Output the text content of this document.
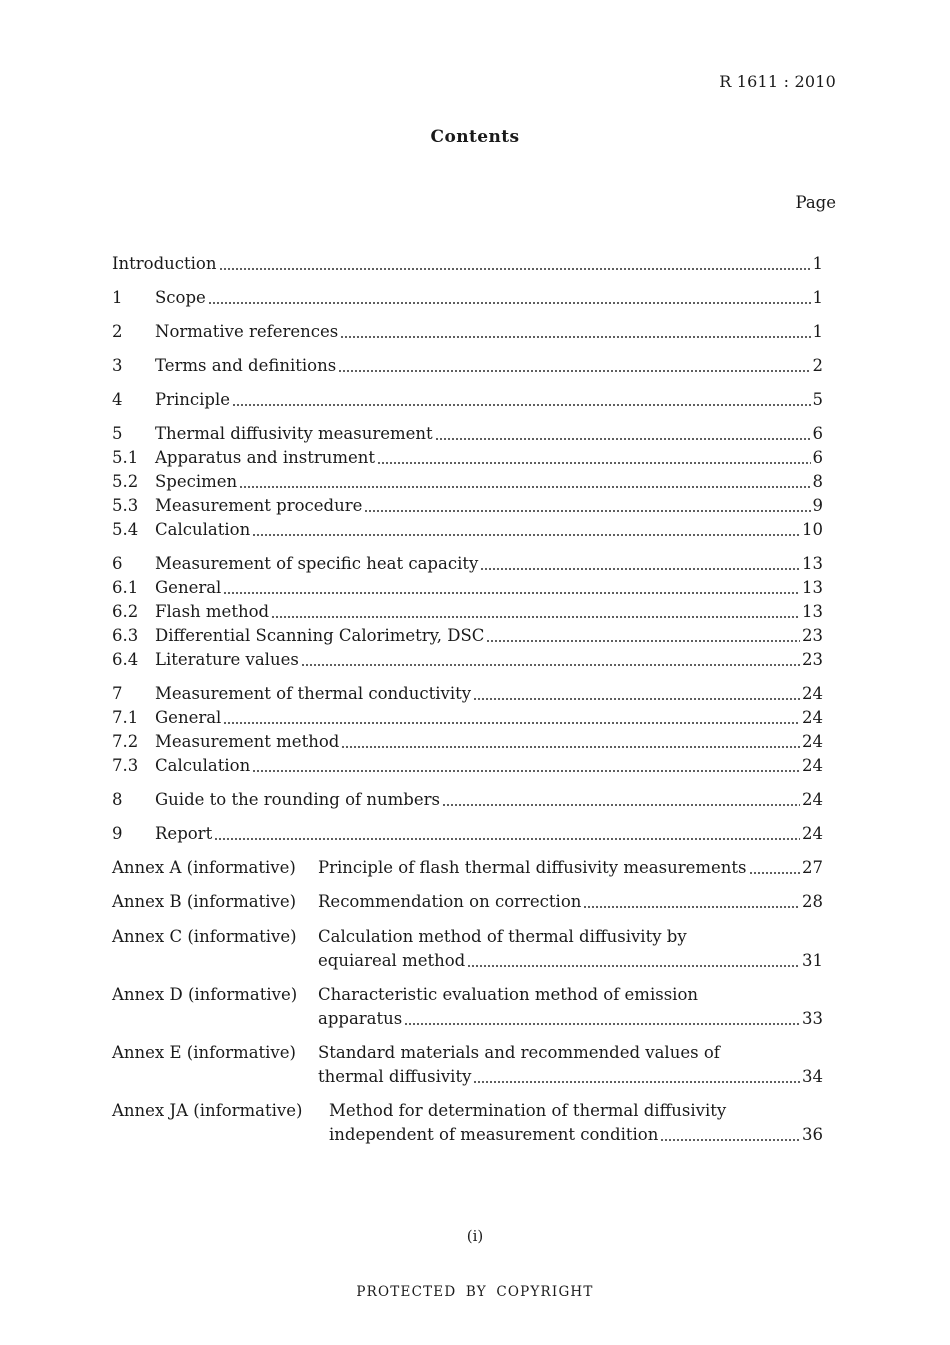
R 1611 : 2010
Contents
Page
Introduction	1
1	Scope	1
2	Normative references	1
3	Terms and definitions	2
4	Principle	5
5	Thermal diffusivity measurement	6
5.1	Apparatus and instrument	6
5.2	Specimen	8
5.3	Measurement procedure	9
5.4	Calculation	10
6	Measurement of specific heat capacity	13
6.1	General	13
6.2	Flash method	13
6.3	Differential Scanning Calorimetry, DSC	23
6.4	Literature values	23
7	Measurement of thermal conductivity	24
7.1	General	24
7.2	Measurement method	24
7.3	Calculation	24
8	Guide to the rounding of numbers	24
9	Report	24
Annex A (informative)	Principle of flash thermal diffusivity measurements	27
Annex B (informative)	Recommendation on correction	28
Annex C (informative) Calculation method of thermal diffusivity by
equiareal method	31
Annex D (informative) Characteristic evaluation method of emission
apparatus	33
Annex E (informative) Standard materials and recommended values of
thermal diffusivity	34
Annex JA (informative) Method for determination of thermal diffusivity
independent of measurement condition	36
(i)
PROTECTED BY COPYRIGHT
